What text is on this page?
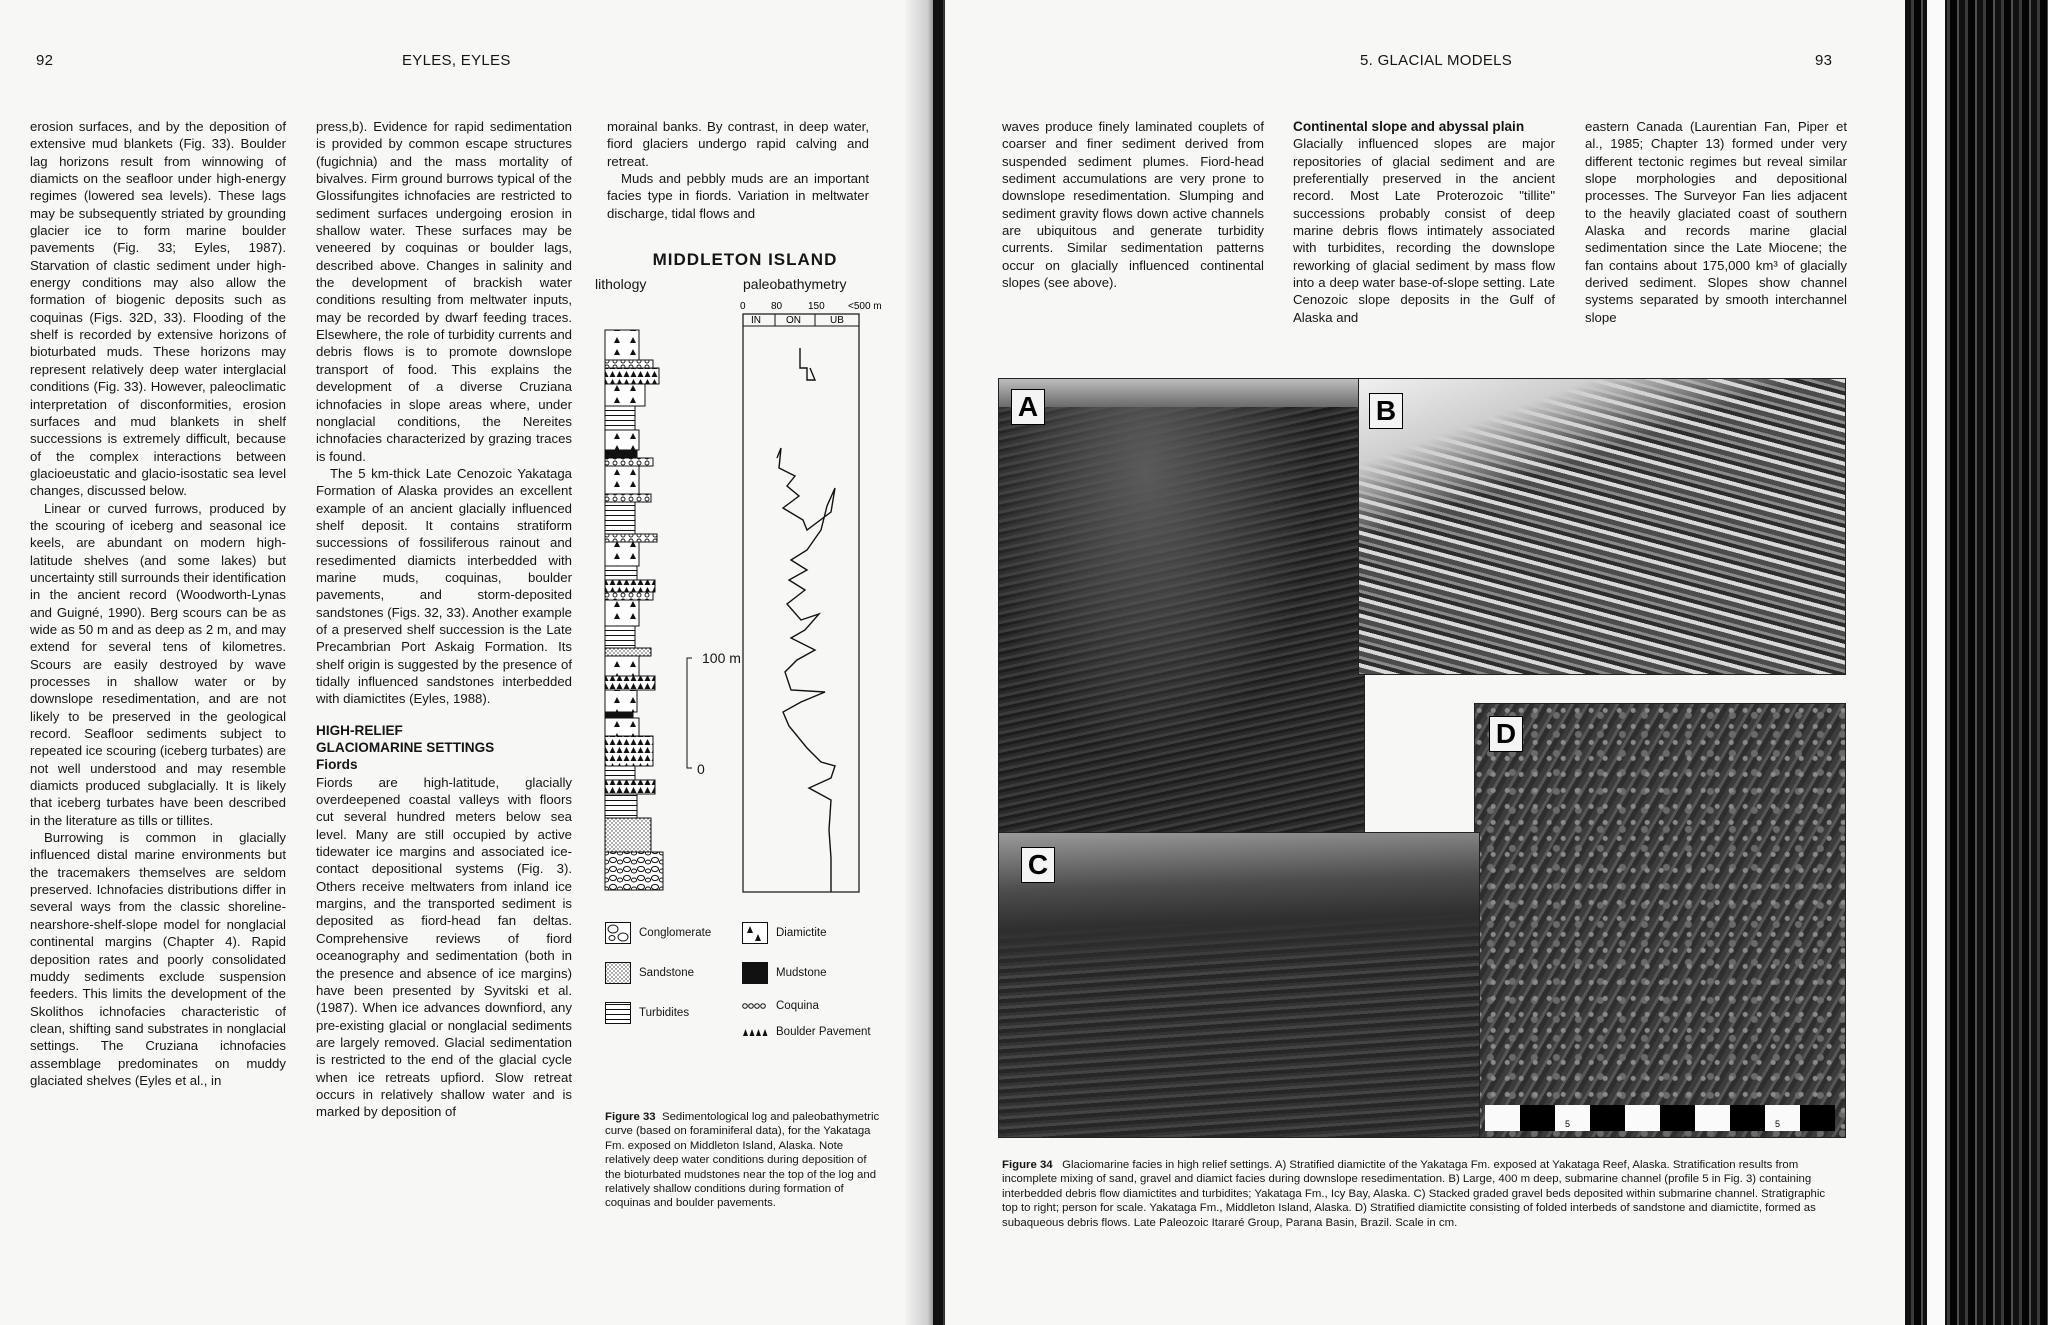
92	EYLES, EYLES

erosion surfaces, and by the deposition of extensive mud blankets (Fig. 33). Boulder lag horizons result from winnowing of diamicts on the seafloor under high-energy regimes (lowered sea levels). These lags may be subsequently striated by grounding glacier ice to form marine boulder pavements (Fig. 33; Eyles, 1987). Starvation of clastic sediment under high-energy conditions may also allow the formation of biogenic deposits such as coquinas (Figs. 32D, 33). Flooding of the shelf is recorded by extensive horizons of bioturbated muds. These horizons may represent relatively deep water interglacial conditions (Fig. 33). However, paleoclimatic interpretation of disconformities, erosion surfaces and mud blankets in shelf successions is extremely difficult, because of the complex interactions between glacioeustatic and glacio-isostatic sea level changes, discussed below.

Linear or curved furrows, produced by the scouring of iceberg and seasonal ice keels, are abundant on modern high-latitude shelves (and some lakes) but uncertainty still surrounds their identification in the ancient record (Woodworth-Lynas and Guigné, 1990). Berg scours can be as wide as 50 m and as deep as 2 m, and may extend for several tens of kilometres. Scours are easily destroyed by wave processes in shallow water or by downslope resedimentation, and are not likely to be preserved in the geological record. Seafloor sediments subject to repeated ice scouring (iceberg turbates) are not well understood and may resemble diamicts produced subglacially. It is likely that iceberg turbates have been described in the literature as tills or tillites.

Burrowing is common in glacially influenced distal marine environments but the tracemakers themselves are seldom preserved. Ichnofacies distributions differ in several ways from the classic shoreline-nearshore-shelf-slope model for nonglacial continental margins (Chapter 4). Rapid deposition rates and poorly consolidated muddy sediments exclude suspension feeders. This limits the development of the Skolithos ichnofacies characteristic of clean, shifting sand substrates in nonglacial settings. The Cruziana ichnofacies assemblage predominates on muddy glaciated shelves (Eyles et al., in

press,b). Evidence for rapid sedimentation is provided by common escape structures (fugichnia) and the mass mortality of bivalves. Firm ground burrows typical of the Glossifungites ichnofacies are restricted to sediment surfaces undergoing erosion in shallow water. These surfaces may be veneered by coquinas or boulder lags, described above. Changes in salinity and the development of brackish water conditions resulting from meltwater inputs, may be recorded by dwarf feeding traces. Elsewhere, the role of turbidity currents and debris flows is to promote downslope transport of food. This explains the development of a diverse Cruziana ichnofacies in slope areas where, under nonglacial conditions, the Nereites ichnofacies characterized by grazing traces is found.

The 5 km-thick Late Cenozoic Yakataga Formation of Alaska provides an excellent example of an ancient glacially influenced shelf deposit. It contains stratiform successions of fossiliferous rainout and resedimented diamicts interbedded with marine muds, coquinas, boulder pavements, and storm-deposited sandstones (Figs. 32, 33). Another example of a preserved shelf succession is the Late Precambrian Port Askaig Formation. Its shelf origin is suggested by the presence of tidally influenced sandstones interbedded with diamictites (Eyles, 1988).

HIGH-RELIEF
GLACIOMARINE SETTINGS
Fiords

Fiords are high-latitude, glacially overdeepened coastal valleys with floors cut several hundred meters below sea level. Many are still occupied by active tidewater ice margins and associated ice-contact depositional systems (Fig. 3). Others receive meltwaters from inland ice margins, and the transported sediment is deposited as fiord-head fan deltas. Comprehensive reviews of fiord oceanography and sedimentation (both in the presence and absence of ice margins) have been presented by Syvitski et al. (1987). When ice advances downfiord, any pre-existing glacial or nonglacial sediments are largely removed. Glacial sedimentation is restricted to the end of the glacial cycle when ice retreats upfiord. Slow retreat occurs in relatively shallow water and is marked by deposition of

morainal banks. By contrast, in deep water, fiord glaciers undergo rapid calving and retreat.

Muds and pebbly muds are an important facies type in fiords. Variation in meltwater discharge, tidal flows and

MIDDLETON ISLAND
lithology	paleobathymetry
0	80	150 <500 m
IN	ON	UB
100 m
0
Conglomerate	Diamictite
Sandstone	Mudstone
Coquina
Turbidites
Boulder Pavement
Figure 33 Sedimentological log and paleobathymetric curve (based on foraminiferal data), for the Yakataga Fm. exposed on Middleton Island, Alaska. Note relatively deep water conditions during deposition of the bioturbated mudstones near the top of the log and relatively shallow conditions during formation of coquinas and boulder pavements.
5. GLACIAL MODELS	93

waves produce finely laminated couplets of coarser and finer sediment derived from suspended sediment plumes. Fiord-head sediment accumulations are very prone to downslope resedimentation. Slumping and sediment gravity flows down active channels are ubiquitous and generate turbidity currents. Similar sedimentation patterns occur on glacially influenced continental slopes (see above).

Continental slope and abyssal plain

Glacially influenced slopes are major repositories of glacial sediment and are preferentially preserved in the ancient record. Most Late Proterozoic "tillite" successions probably consist of deep marine debris flows intimately associated with turbidites, recording the downslope reworking of glacial sediment by mass flow into a deep water base-of-slope setting. Late Cenozoic slope deposits in the Gulf of Alaska and

eastern Canada (Laurentian Fan, Piper et al., 1985; Chapter 13) formed under very different tectonic regimes but reveal similar slope morphologies and depositional processes. The Surveyor Fan lies adjacent to the heavily glaciated coast of southern Alaska and records marine glacial sedimentation since the Late Miocene; the fan contains about 175,000 km³ of glacially derived sediment. Slopes show channel systems separated by smooth interchannel slope

Figure 34 Glaciomarine facies in high relief settings. A) Stratified diamictite of the Yakataga Fm. exposed at Yakataga Reef, Alaska. Stratification results from incomplete mixing of sand, gravel and diamict facies during downslope resedimentation. B) Large, 400 m deep, submarine channel (profile 5 in Fig. 3) containing interbedded debris flow diamictites and turbidites; Yakataga Fm., Icy Bay, Alaska. C) Stacked graded gravel beds deposited within submarine channel. Stratigraphic top to right; person for scale. Yakataga Fm., Middleton Island, Alaska. D) Stratified diamictite consisting of folded interbeds of sandstone and diamictite, formed as subaqueous debris flows. Late Paleozoic Itararé Group, Parana Basin, Brazil. Scale in cm.
A	B
D
5	5	5
C
